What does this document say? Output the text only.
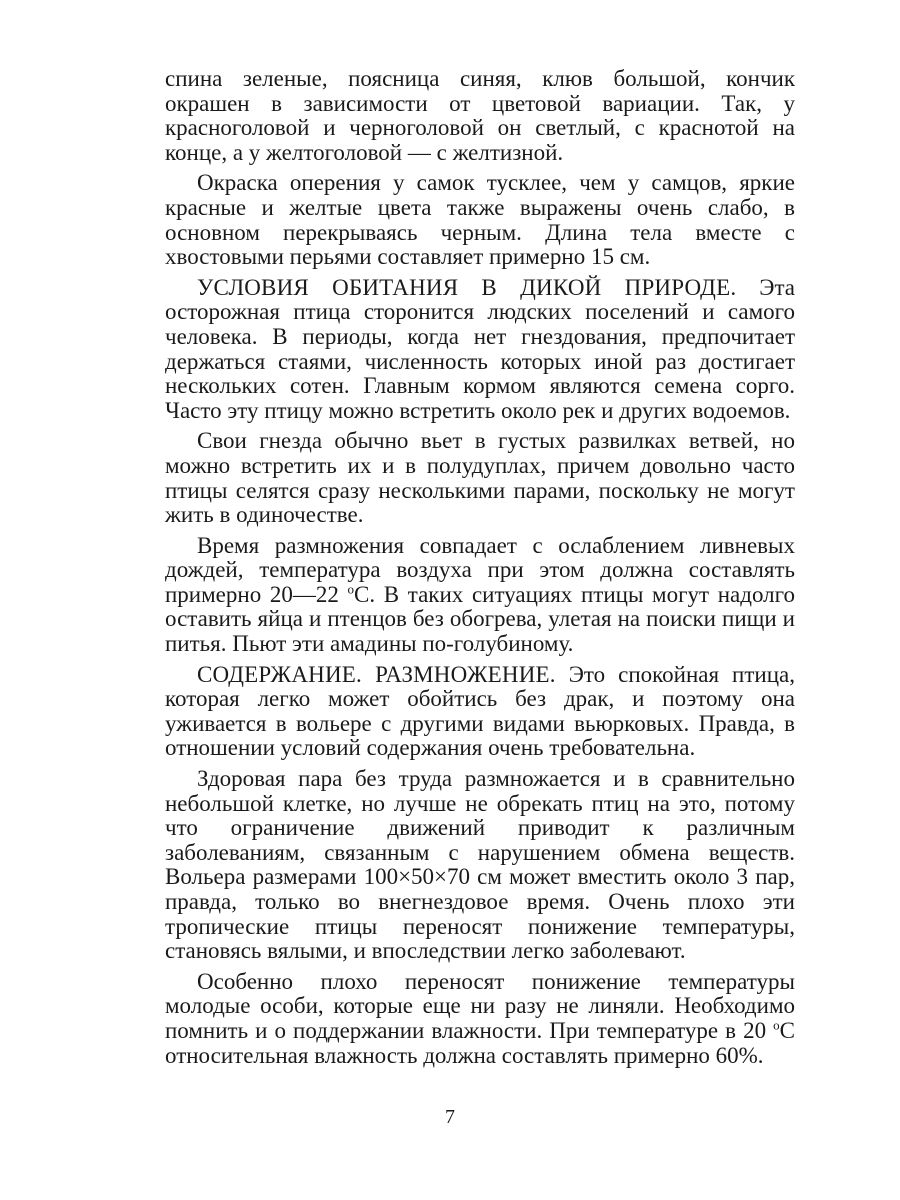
спина зеленые, поясница синяя, клюв большой, кончик окрашен в зависимости от цветовой вариации. Так, у красноголовой и черноголовой он светлый, с краснотой на конце, а у желтоголовой — с желтизной.

Окраска оперения у самок тусклее, чем у самцов, яркие красные и желтые цвета также выражены очень слабо, в основном перекрываясь черным. Длина тела вместе с хвостовыми перьями составляет примерно 15 см.

УСЛОВИЯ ОБИТАНИЯ В ДИКОЙ ПРИРОДЕ. Эта осторожная птица сторонится людских поселений и самого человека. В периоды, когда нет гнездования, предпочитает держаться стаями, численность которых иной раз достигает нескольких сотен. Главным кормом являются семена сорго. Часто эту птицу можно встретить около рек и других водоемов.

Свои гнезда обычно вьет в густых развилках ветвей, но можно встретить их и в полудуплах, причем довольно часто птицы селятся сразу несколькими парами, поскольку не могут жить в одиночестве.

Время размножения совпадает с ослаблением ливневых дождей, температура воздуха при этом должна составлять примерно 20—22 $^о$С. В таких ситуациях птицы могут надолго оставить яйца и птенцов без обогрева, улетая на поиски пищи и питья. Пьют эти амадины по-голубиному.

СОДЕРЖАНИЕ. РАЗМНОЖЕНИЕ. Это спокойная птица, которая легко может обойтись без драк, и поэтому она уживается в вольере с другими видами вьюрковых. Правда, в отношении условий содержания очень требовательна.

Здоровая пара без труда размножается и в сравнительно небольшой клетке, но лучше не обрекать птиц на это, потому что ограничение движений приводит к различным заболеваниям, связанным с нарушением обмена веществ. Вольера размерами 100×50×70 см может вместить около 3 пар, правда, только во внегнездовое время. Очень плохо эти тропические птицы переносят понижение температуры, становясь вялыми, и впоследствии легко заболевают.

Особенно плохо переносят понижение температуры молодые особи, которые еще ни разу не линяли. Необходимо помнить и о поддержании влажности. При температуре в 20 $^о$С относительная влажность должна составлять примерно 60%.

7
